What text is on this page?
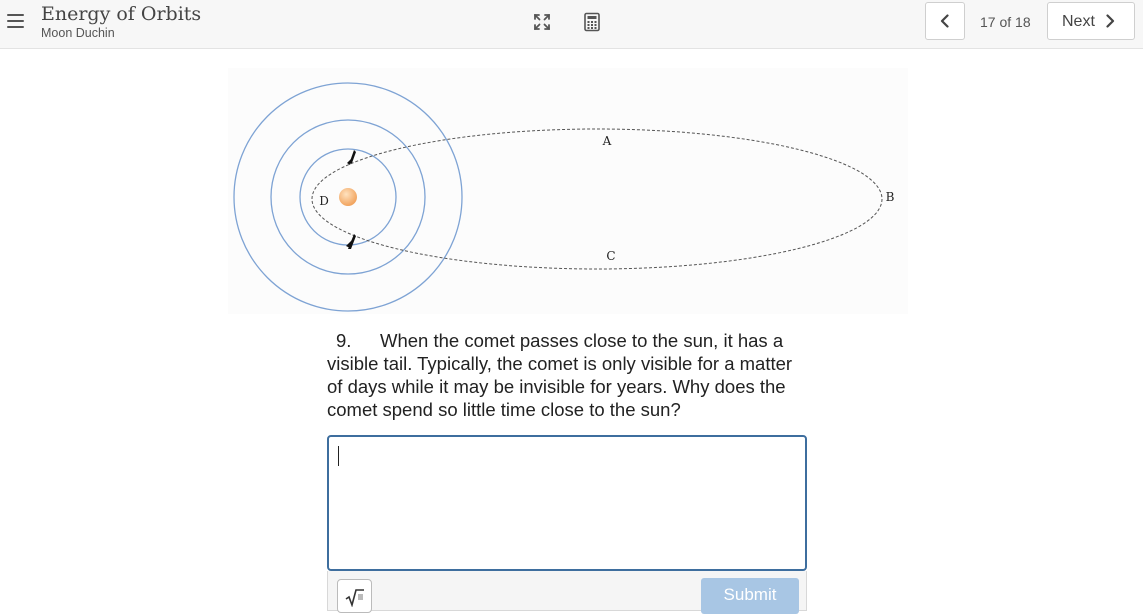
Energy of Orbits
Moon Duchin
17 of 18 Next
A
B
C
D
9. When the comet passes close to the sun, it has a visible tail. Typically, the comet is only visible for a matter of days while it may be invisible for years. Why does the comet spend so little time close to the sun?
Submit
